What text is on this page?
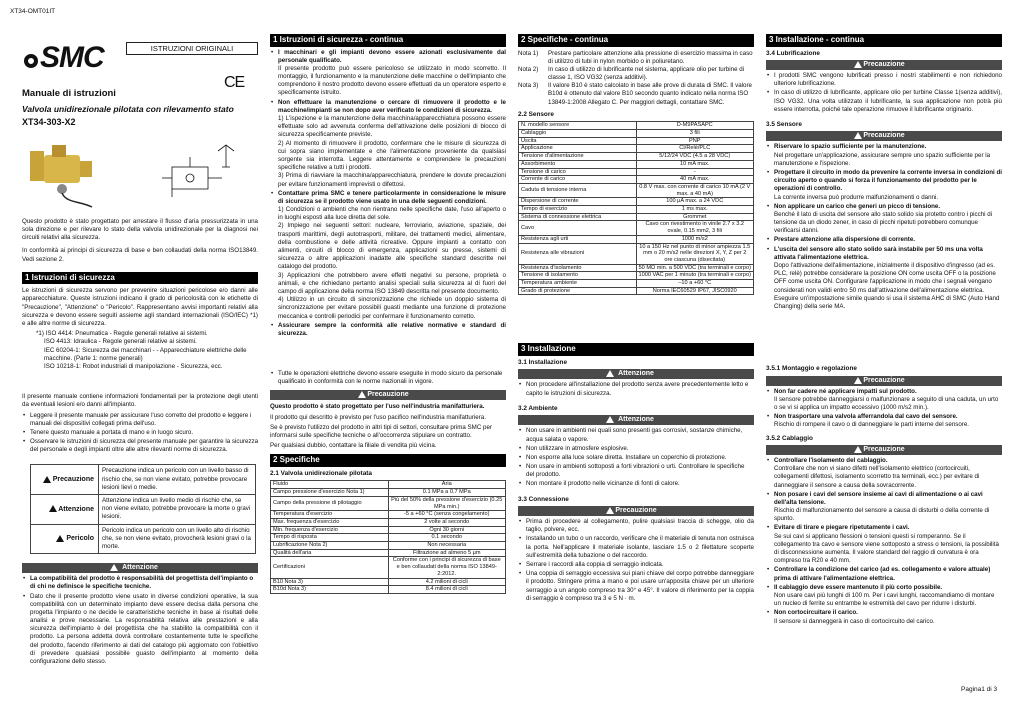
XT34-OMT01IT
Pagina1 di 3
SMC	ISTRUZIONI ORIGINALI
Manuale di istruzioni
CE
Valvola unidirezionale pilotata con rilevamento stato
XT34-303-X2

Questo prodotto è stato progettato per arrestare il flusso d'aria pressurizzata in una sola direzione e per rilevare lo stato della valvola unidirezionale per la diagnosi nei circuiti relativi alla sicurezza.

In conformità ai principi di sicurezza di base e ben collaudati della norma ISO13849. Vedi sezione 2.

1 Istruzioni di sicurezza

Le istruzioni di sicurezza servono per prevenire situazioni pericolose e/o danni alle apparecchiature. Queste istruzioni indicano il grado di pericolosità con le etichette di "Precauzione", "Attenzione" o "Pericolo". Rappresentano avvisi importanti relativi alla sicurezza e devono essere seguiti assieme agli standard internazionali (ISO/IEC) *1) e alle altre norme di sicurezza.

*1) ISO 4414: Pneumatica - Regole generali relative ai sistemi.
ISO 4413: Idraulica - Regole generali relative ai sistemi.
IEC 60204-1: Sicurezza dei macchinari - - Apparecchiature elettriche delle macchine. (Parte 1: norme generali)
ISO 10218-1: Robot industriali di manipolazione - Sicurezza, ecc.

Il presente manuale contiene informazioni fondamentali per la protezione degli utenti da eventuali lesioni e/o danni all'impianto.

• Leggere il presente manuale per assicurare l'uso corretto del prodotto e leggere i manuali dei dispositivi collegati prima dell'uso.
• Tenere questo manuale a portata di mano e in luogo sicuro.
• Osservare le istruzioni di sicurezza del presente manuale per garantire la sicurezza del personale e degli impianti oltre alle altre rilevanti norme di sicurezza.
Precauzione	Precauzione indica un pericolo con un livello basso di rischio che, se non viene evitato, potrebbe provocare lesioni lievi o medie.
Attenzione	Attenzione indica un livello medio di rischio che, se non viene evitato, potrebbe provocare la morte o gravi lesioni.
Pericolo	Pericolo indica un pericolo con un livello alto di rischio che, se non viene evitato, provocherà lesioni gravi o la morte.
Attenzione
• La compatibilità del prodotto è responsabilità del progettista dell'impianto o di chi ne definisce le specifiche tecniche.
• Dato che il presente prodotto viene usato in diverse condizioni operative, la sua compatibilità con un determinato impianto deve essere decisa dalla persona che progetta l'impianto o ne decide le caratteristiche tecniche in base ai risultati delle analisi e prove necessarie. La responsabilità relativa alle prestazioni e alla sicurezza dell'impianto è del progettista che ha stabilito la compatibilità con il prodotto. La persona addetta dovrà controllare costantemente tutte le specifiche del prodotto, facendo riferimento ai dati del catalogo più aggiornato con l'obiettivo di prevedere qualsiasi possibile guasto dell'impianto al momento della configurazione dello stesso.
1 Istruzioni di sicurezza - continua
• I macchinari e gli impianti devono essere azionati esclusivamente dal personale qualificato.
Il presente prodotto può essere pericoloso se utilizzato in modo scorretto. Il montaggio, il funzionamento e la manutenzione delle macchine o dell'impianto che comprendono il nostro prodotto devono essere effettuati da un operatore esperto e specificamente istruito.
• Non effettuare la manutenzione o cercare di rimuovere il prodotto e le macchine/impianti se non dopo aver verificato le condizioni di sicurezza.
1) L'ispezione e la manutenzione della macchina/apparecchiatura possono essere effettuate solo ad avvenuta conferma dell'attivazione delle posizioni di blocco di sicurezza specificamente previste.
2) Al momento di rimuovere il prodotto, confermare che le misure di sicurezza di cui sopra siano implementate e che l'alimentazione proveniente da qualsiasi sorgente sia interrotta. Leggere attentamente e comprendere le precauzioni specifiche relative a tutti i prodotti.
3) Prima di riavviare la macchina/apparecchiatura, prendere le dovute precauzioni per evitare funzionamenti imprevisti o difettosi.
• Contattare prima SMC e tenere particolarmente in considerazione le misure di sicurezza se il prodotto viene usato in una delle seguenti condizioni.
1) Condizioni o ambienti che non rientrano nelle specifiche date, l'uso all'aperto o in luoghi esposti alla luce diretta del sole.
2) Impiego nei seguenti settori: nucleare, ferroviario, aviazione, spaziale, dei trasporti marittimi, degli autotrasporti, militare, dei trattamenti medici, alimentare, della combustione e delle attività ricreative. Oppure impianti a contatto con alimenti, circuiti di blocco di emergenza, applicazioni su presse, sistemi di sicurezza o altre applicazioni inadatte alle specifiche standard descritte nel catalogo del prodotto.
3) Applicazioni che potrebbero avere effetti negativi su persone, proprietà o animali, e che richiedano pertanto analisi speciali sulla sicurezza al di fuori del campo di applicazione della norma ISO 13849 descritta nel presente documento.
4) Utilizzo in un circuito di sincronizzazione che richiede un doppio sistema di sincronizzazione per evitare possibili guasti mediante una funzione di protezione meccanica e controlli periodici per confermare il funzionamento corretto.
• Assicurare sempre la conformità alle relative normative e standard di sicurezza.
• Tutte le operazioni elettriche devono essere eseguite in modo sicuro da personale qualificato in conformità con le norme nazionali in vigore.
Precauzione

Questo prodotto è stato progettato per l'uso nell'industria manifatturiera.

Il prodotto qui descritto è previsto per l'uso pacifico nell'industria manifatturiera.

Se è previsto l'utilizzo del prodotto in altri tipi di settori, consultare prima SMC per informarsi sulle specifiche tecniche o all'occorrenza stipulare un contratto.

Per qualsiasi dubbio, contattare la filiale di vendita più vicina.

2 Specifiche
2.1 Valvola unidirezionale pilotata
Fluido	Aria
Campo pressione d'esercizio Nota 1)	0.1 MPa a 0.7 MPa
Campo della pressione di pilotaggio	Più del 50% della pressione d'esercizio (0.25 MPa min.)
Temperatura d'esercizio	-5 a +60 °C (senza congelamento)
Max. frequenza d'esercizio	2 volte al secondo
Min. frequenza d'esercizio	Ogni 30 giorni
Tempo di risposta	0.1 secondo
Lubrificazione Nota 2)	Non necessaria
Qualità dell'aria	Filtrazione ad almeno 5 μm
Certificazioni	Conforme con i principi di sicurezza di base e ben collaudati della norma ISO 13849-2:2012.
B10 Nota 3)	4.2 milioni di cicli
B10d Nota 3)	8.4 milioni di cicli
2 Specifiche - continua
Nota 1)	Prestare particolare attenzione alla pressione di esercizio massima in caso di utilizzo di tubi in nylon morbido o in poliuretano.
Nota 2)	In caso di utilizzo di lubrificante nel sistema, applicare olio per turbine di classe 1, ISO VG32 (senza additivi).
Nota 3)	Il valore B10 è stato calcolato in base alle prove di durata di SMC. Il valore B10d è ottenuto dal valore B10 secondo quanto indicato nella norma ISO 13849-1:2008 Allegato C. Per maggiori dettagli, contattare SMC.
2.2 Sensore
N. modello sensore	D-M9PASAPC
Cablaggio	3 fili
Uscita	PNP
Applicazione	CI/Relè/PLC
Tensione d'alimentazione	5/12/24 VDC (4.5 a 28 VDC)
Assorbimento	10 mA max.
Tensione di carico	-
Corrente di carico	40 mA max.
Caduta di tensione interna	0.8 V max. con corrente di carico 10 mA (2 V max. a 40 mA)
Dispersione di corrente	100 μA max. a 24 VDC
Tempo di esercizio	1 ms max.
Sistema di connessione elettrica	Grommet
Cavo	Cavo con rivestimento in vinile 2.7 x 3.2 ovale, 0.15 mm2, 3 fili
Resistenza agli urti	1000 m/s2
Resistenza alle vibrazioni	10 a 150 Hz nel punto di minor ampiezza 1.5 mm o 20 m/s2 nelle direzioni X, Y, Z per 2 ore ciascuna (disecitata)
Resistenza d'isolamento	50 MΩ min. a 500 VDC (tra terminali e corpo)
Tensione di isolamento	1000 VAC per 1 minuto (tra terminali e corpo)
Temperatura ambiente	–10 a +60 °C
Grado di protezione	Norma IEC60529 IP67, JISC0920
3 Installazione
3.1 Installazione
Attenzione
• Non procedere all'installazione del prodotto senza avere precedentemente letto e capito le istruzioni di sicurezza.
3.2 Ambiente
Attenzione
• Non usare in ambienti nei quali sono presenti gas corrosivi, sostanze chimiche, acqua salata o vapore.
• Non utilizzare in atmosfere esplosive.
• Non esporre alla luce solare diretta. Installare un coperchio di protezione.
• Non usare in ambienti sottoposti a forti vibrazioni o urti. Controllare le specifiche del prodotto.
• Non montare il prodotto nelle vicinanze di fonti di calore.
3.3 Connessione
Precauzione
• Prima di procedere al collegamento, pulire qualsiasi traccia di schegge, olio da taglio, polvere, ecc.
• Installando un tubo o un raccordo, verificare che il materiale di tenuta non ostruisca la porta. Nell'applicare il materiale isolante, lasciare 1.5 o 2 filettature scoperte sull'estremità della tubazione o del raccordo.
• Serrare i raccordi alla coppia di serraggio indicata.
• Una coppia di serraggio eccessiva sui piani chiave del corpo potrebbe danneggiare il prodotto. Stringere prima a mano e poi usare un'apposita chiave per un ulteriore serraggio a un angolo compreso tra 30° e 45°. Il valore di riferimento per la coppia di serraggio è compreso tra 3 e 5 N · m.
3 Installazione - continua
3.4 Lubrificazione
Precauzione
• I prodotti SMC vengono lubrificati presso i nostri stabilimenti e non richiedono ulteriore lubrificazione.
• In caso di utilizzo di lubrificante, applicare olio per turbine Classe 1(senza additivi), ISO VG32. Una volta utilizzato il lubrificante, la sua applicazione non potrà più essere interrotta, poiché tale operazione rimuove il lubrificante originario.
3.5 Sensore
Precauzione
• Riservare lo spazio sufficiente per la manutenzione.
Nel progettare un'applicazione, assicurare sempre uno spazio sufficiente per la manutenzione e l'ispezione.
• Progettare il circuito in modo da prevenire la corrente inversa in condizioni di circuito aperto o quando si forza il funzionamento del prodotto per le operazioni di controllo.
La corrente inversa può produrre malfunzionamenti o danni.
• Non applicare un carico che generi un picco di tensione.
Benché il lato di uscita del sensore allo stato solido sia protetto contro i picchi di tensione da un diodo zener, in caso di picchi ripetuti potrebbero comunque verificarsi danni.
• Prestare attenzione alla dispersione di corrente.
• L'uscita del sensore allo stato solido sarà instabile per 50 ms una volta attivata l'alimentazione elettrica.
Dopo l'attivazione dell'alimentazione, inizialmente il dispositivo d'ingresso (ad es. PLC, relè) potrebbe considerare la posizione ON come uscita OFF o la posizione OFF come uscita ON. Configurare l'applicazione in modo che i segnali vengano considerati non validi entro 50 ms dall'attivazione dell'alimentazione elettrica. Eseguire un'impostazione simile quando si usa il sistema AHC di SMC (Auto Hand Changing) della serie MA.
3.5.1 Montaggio e regolazione
Precauzione
• Non far cadere né applicare impatti sul prodotto.
Il sensore potrebbe danneggiarsi o malfunzionare a seguito di una caduta, un urto o se vi si applica un impatto eccessivo (1000 m/s2 min.).
• Non trasportare una valvola afferrandola dal cavo del sensore.
Rischio di rompere il cavo o di danneggiare le parti interne del sensore.
3.5.2 Cablaggio
Precauzione
• Controllare l'isolamento del cablaggio.
Controllare che non vi siano difetti nell'isolamento elettrico (cortocircuiti, collegamenti difettosi, isolamento scorretto tra terminali, ecc.) per evitare di danneggiare il sensore a causa della sovracorrente.
• Non posare i cavi del sensore insieme ai cavi di alimentazione o ai cavi dell'alta tensione.
Rischio di malfunzionamento del sensore a causa di disturbi o della corrente di spunto.
• Evitare di tirare e piegare ripetutamente i cavi.
Se sui cavi si applicano flessioni o tensioni questi si romperanno. Se il collegamento tra cavo e sensore viene sottoposto a stress o tensioni, la possibilità di disconnessione aumenta. Il valore standard del raggio di curvatura è ora compreso tra R20 e 40 mm.
• Controllare la condizione del carico (ad es. collegamento e valore attuale) prima di attivare l'alimentazione elettrica.
• Il cablaggio deve essere mantenuto il più corto possibile.
Non usare cavi più lunghi di 100 m. Per i cavi lunghi, raccomandiamo di montare un nucleo di ferrite su entrambe le estremità del cavo per ridurre i disturbi.
• Non cortocircuitare il carico.
Il sensore si danneggerà in caso di cortocircuito del carico.
